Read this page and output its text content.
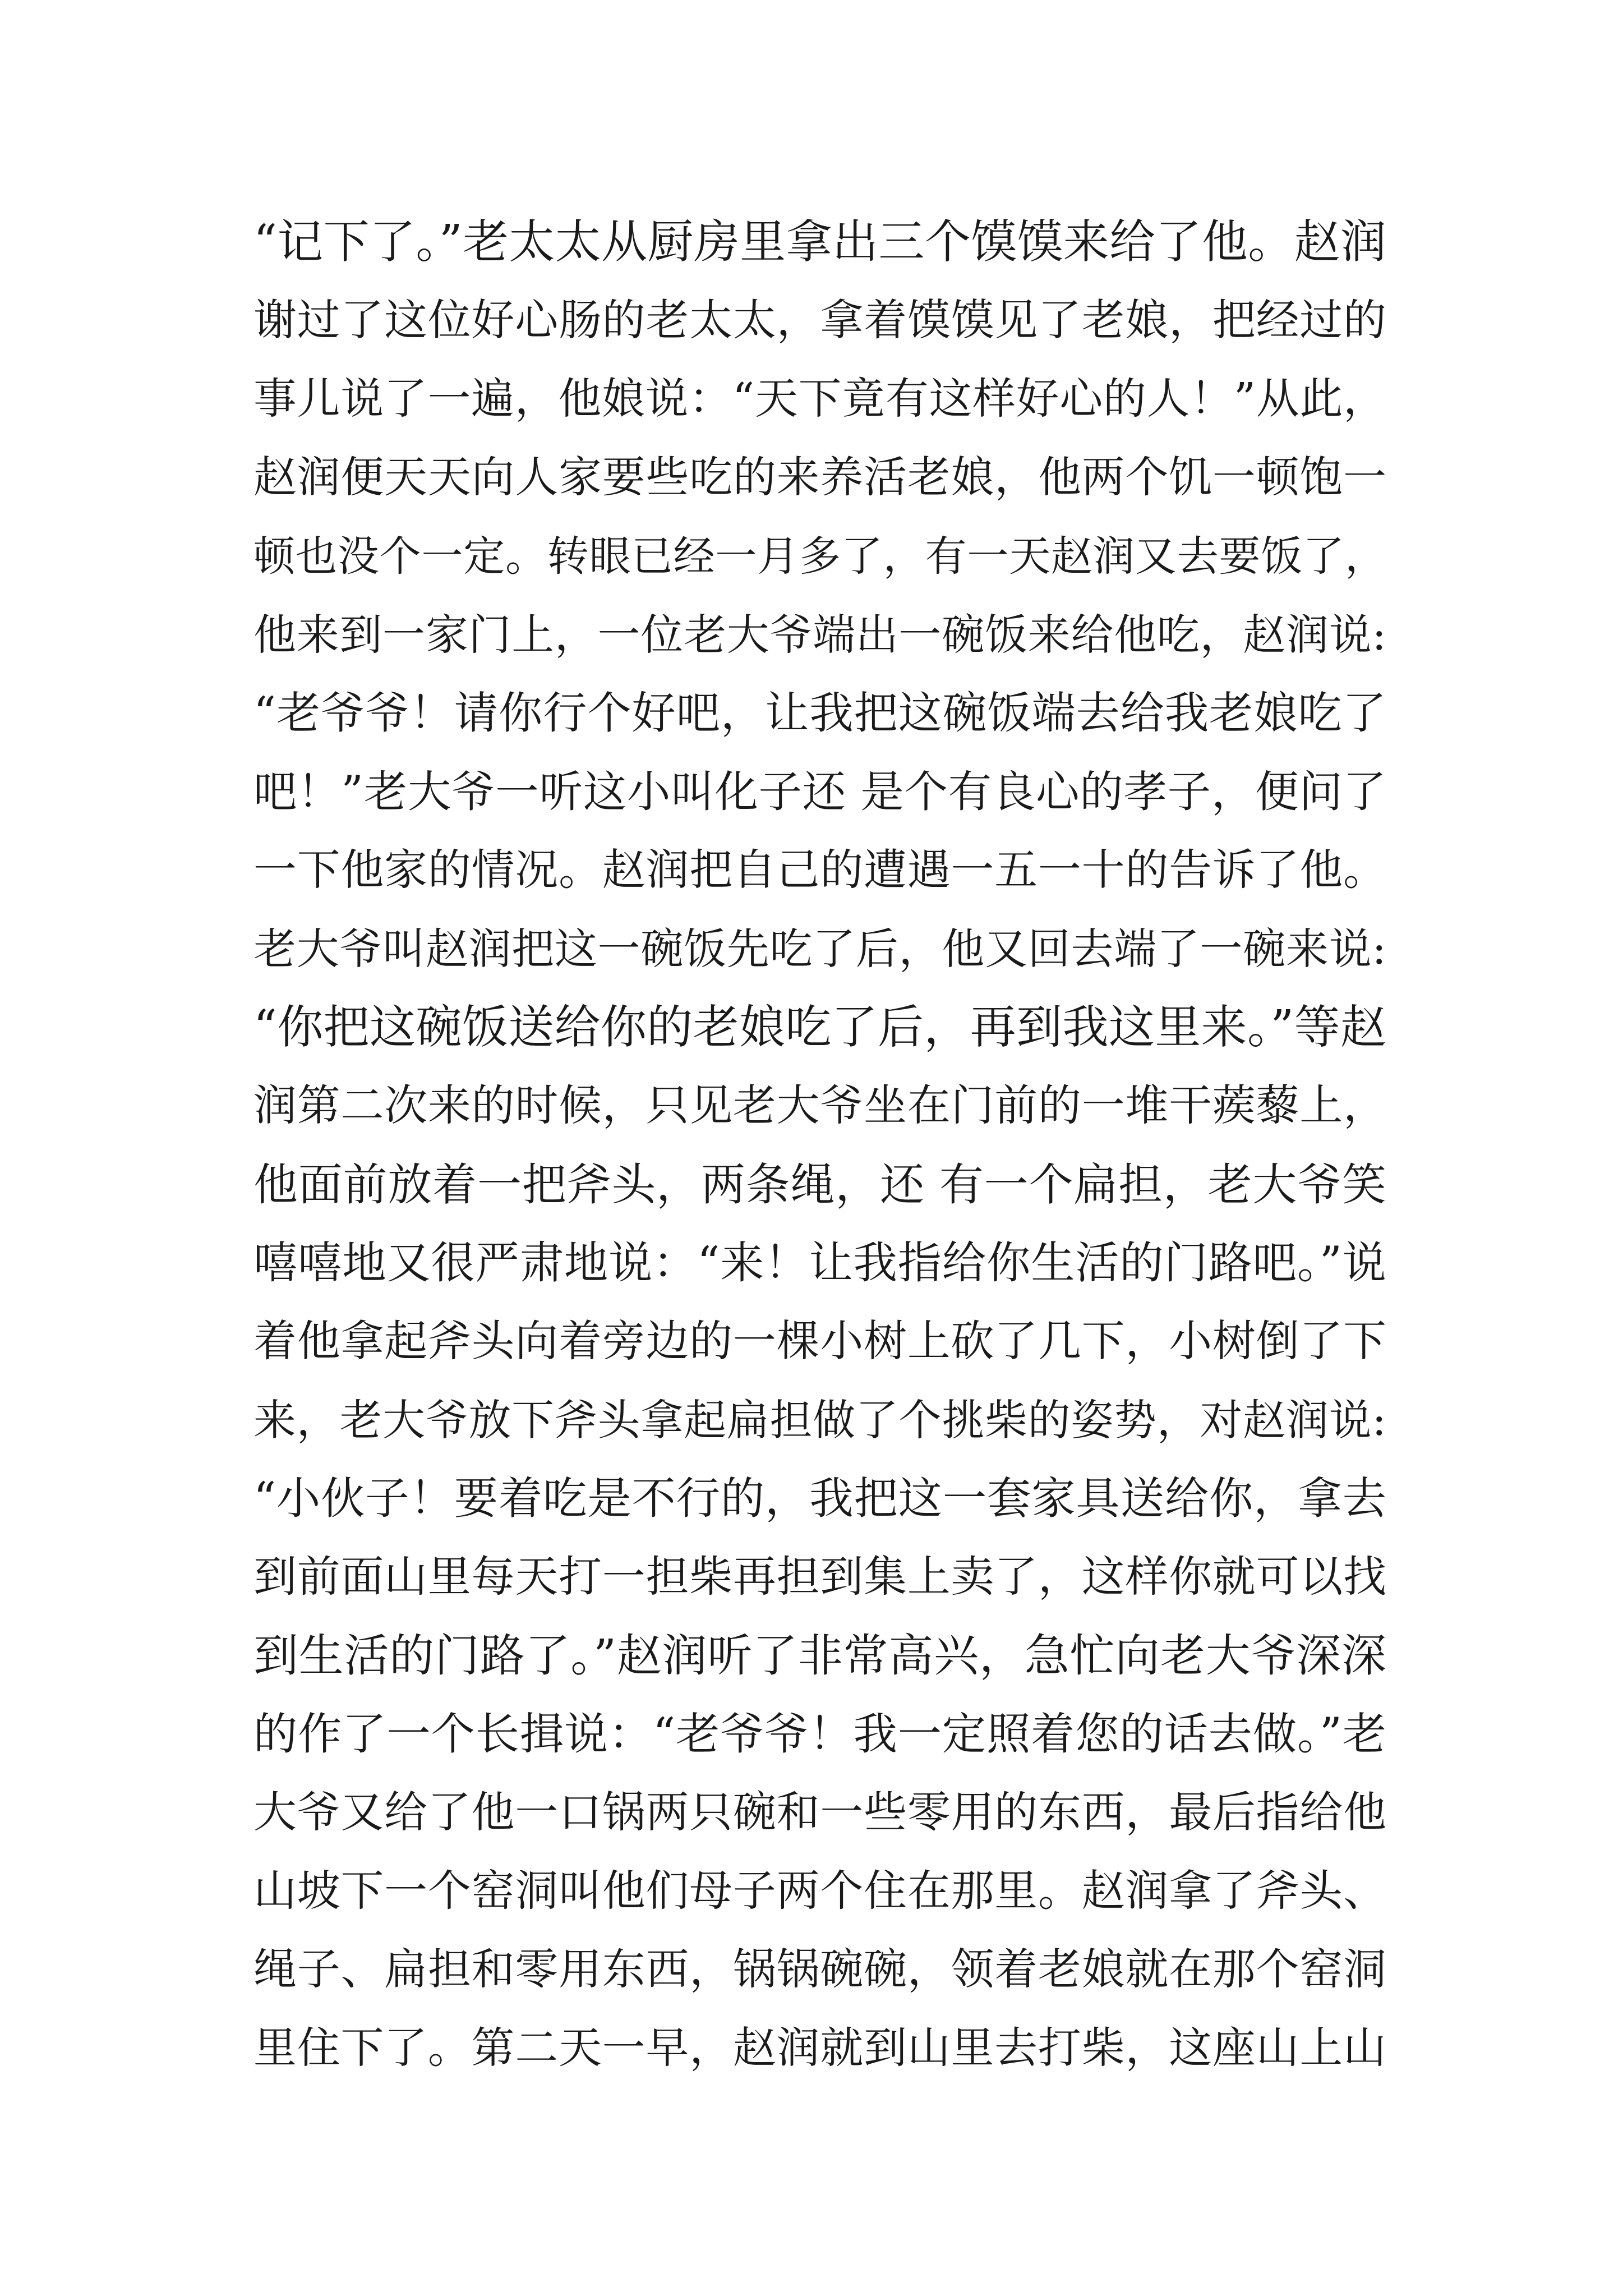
“记下了。”老太太从厨房里拿出三个馍馍来给了他。赵润
谢过了这位好心肠的老太太，拿着馍馍见了老娘，把经过的
事儿说了一遍，他娘说：“天下竟有这样好心的人！”从此，
赵润便天天向人家要些吃的来养活老娘，他两个饥一顿饱一
顿也没个一定。转眼已经一月多了，有一天赵润又去要饭了，
他来到一家门上，一位老大爷端出一碗饭来给他吃，赵润说:
“老爷爷！请你行个好吧，让我把这碗饭端去给我老娘吃了
吧！”老大爷一听这小叫化子还 是个有良心的孝子，便问了
一下他家的情况。赵润把自己的遭遇一五一十的告诉了他。
老大爷叫赵润把这一碗饭先吃了后，他又回去端了一碗来说:
“你把这碗饭送给你的老娘吃了后，再到我这里来。”等赵
润第二次来的时候，只见老大爷坐在门前的一堆干蒺藜上，
他面前放着一把斧头，两条绳，还 有一个扁担，老大爷笑
嘻嘻地又很严肃地说：“来！让我指给你生活的门路吧。”说
着他拿起斧头向着旁边的一棵小树上砍了几下，小树倒了下
来，老大爷放下斧头拿起扁担做了个挑柴的姿势，对赵润说:
“小伙子！要着吃是不行的，我把这一套家具送给你，拿去
到前面山里每天打一担柴再担到集上卖了，这样你就可以找
到生活的门路了。”赵润听了非常高兴，急忙向老大爷深深
的作了一个长揖说：“老爷爷！我一定照着您的话去做。”老
大爷又给了他一口锅两只碗和一些零用的东西，最后指给他
山坡下一个窑洞叫他们母子两个住在那里。赵润拿了斧头、
绳子、扁担和零用东西，锅锅碗碗，领着老娘就在那个窑洞
里住下了。第二天一早，赵润就到山里去打柴，这座山上山
